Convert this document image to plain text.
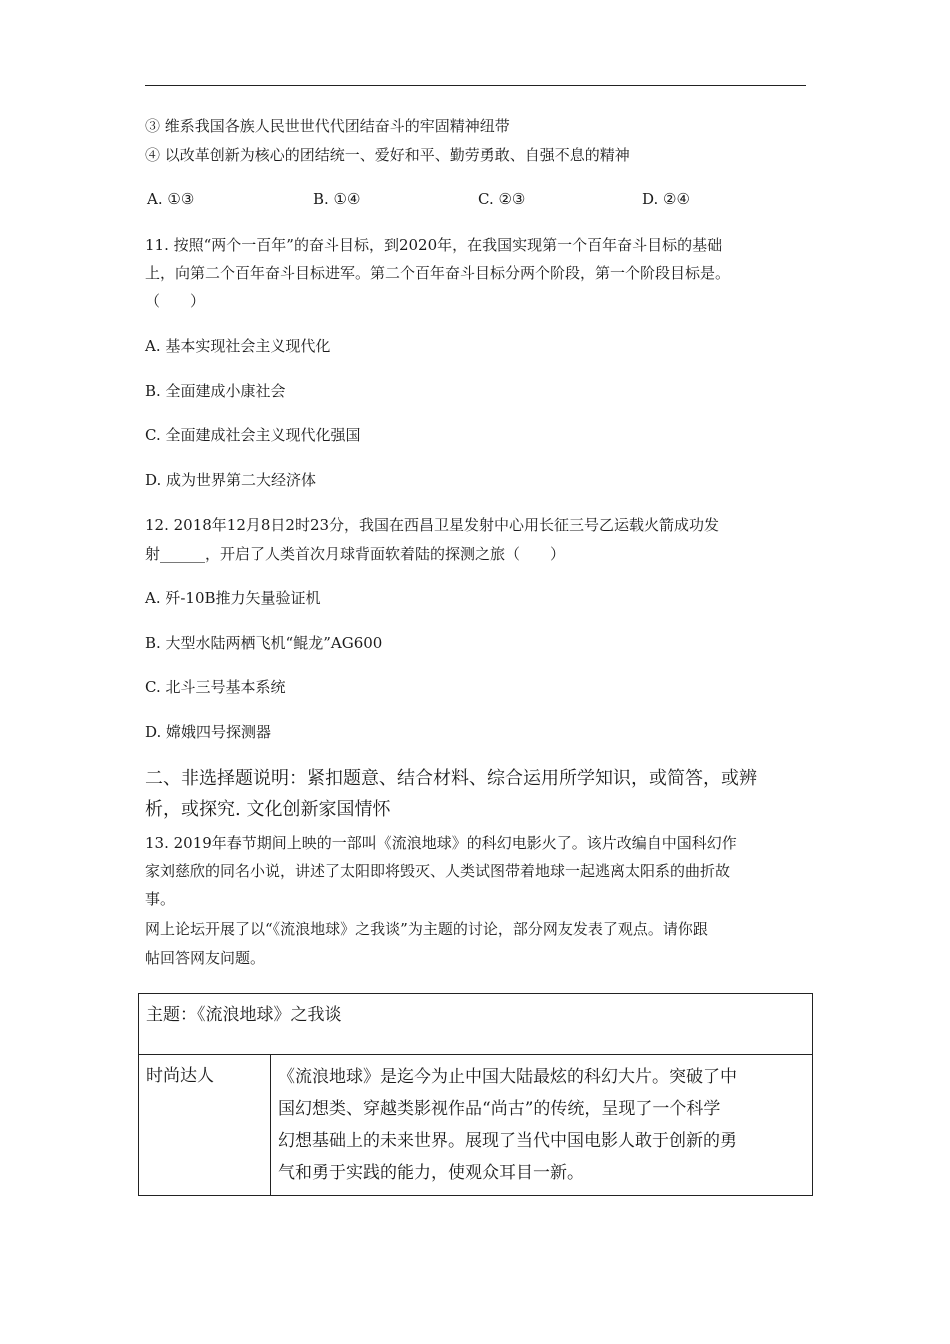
③ 维系我国各族人民世世代代团结奋斗的牢固精神纽带
④ 以改革创新为核心的团结统一、爱好和平、勤劳勇敢、自强不息的精神
A. ①③	B. ①④	C. ②③	D. ②④
11. 按照“两个一百年”的奋斗目标，到2020年，在我国实现第一个百年奋斗目标的基础
上，向第二个百年奋斗目标进军。第二个百年奋斗目标分两个阶段，第一个阶段目标是。
（　　）
A. 基本实现社会主义现代化
B. 全面建成小康社会
C. 全面建成社会主义现代化强国
D. 成为世界第二大经济体
12. 2018年12月8日2时23分，我国在西昌卫星发射中心用长征三号乙运载火箭成功发
射______，开启了人类首次月球背面软着陆的探测之旅（　　）
A. 歼-10B推力矢量验证机
B. 大型水陆两栖飞机“鲲龙”AG600
C. 北斗三号基本系统
D. 嫦娥四号探测器
二、非选择题说明：紧扣题意、结合材料、综合运用所学知识，或简答，或辨
析，或探究. 文化创新家国情怀
13. 2019年春节期间上映的一部叫《流浪地球》的科幻电影火了。该片改编自中国科幻作
家刘慈欣的同名小说，讲述了太阳即将毁灭、人类试图带着地球一起逃离太阳系的曲折故
事。
网上论坛开展了以“《流浪地球》之我谈”为主题的讨论，部分网友发表了观点。请你跟
帖回答网友问题。
主题：《流浪地球》之我谈
时尚达人	《流浪地球》是迄今为止中国大陆最炫的科幻大片。突破了中
国幻想类、穿越类影视作品“尚古”的传统，呈现了一个科学
幻想基础上的未来世界。展现了当代中国电影人敢于创新的勇
气和勇于实践的能力，使观众耳目一新。
